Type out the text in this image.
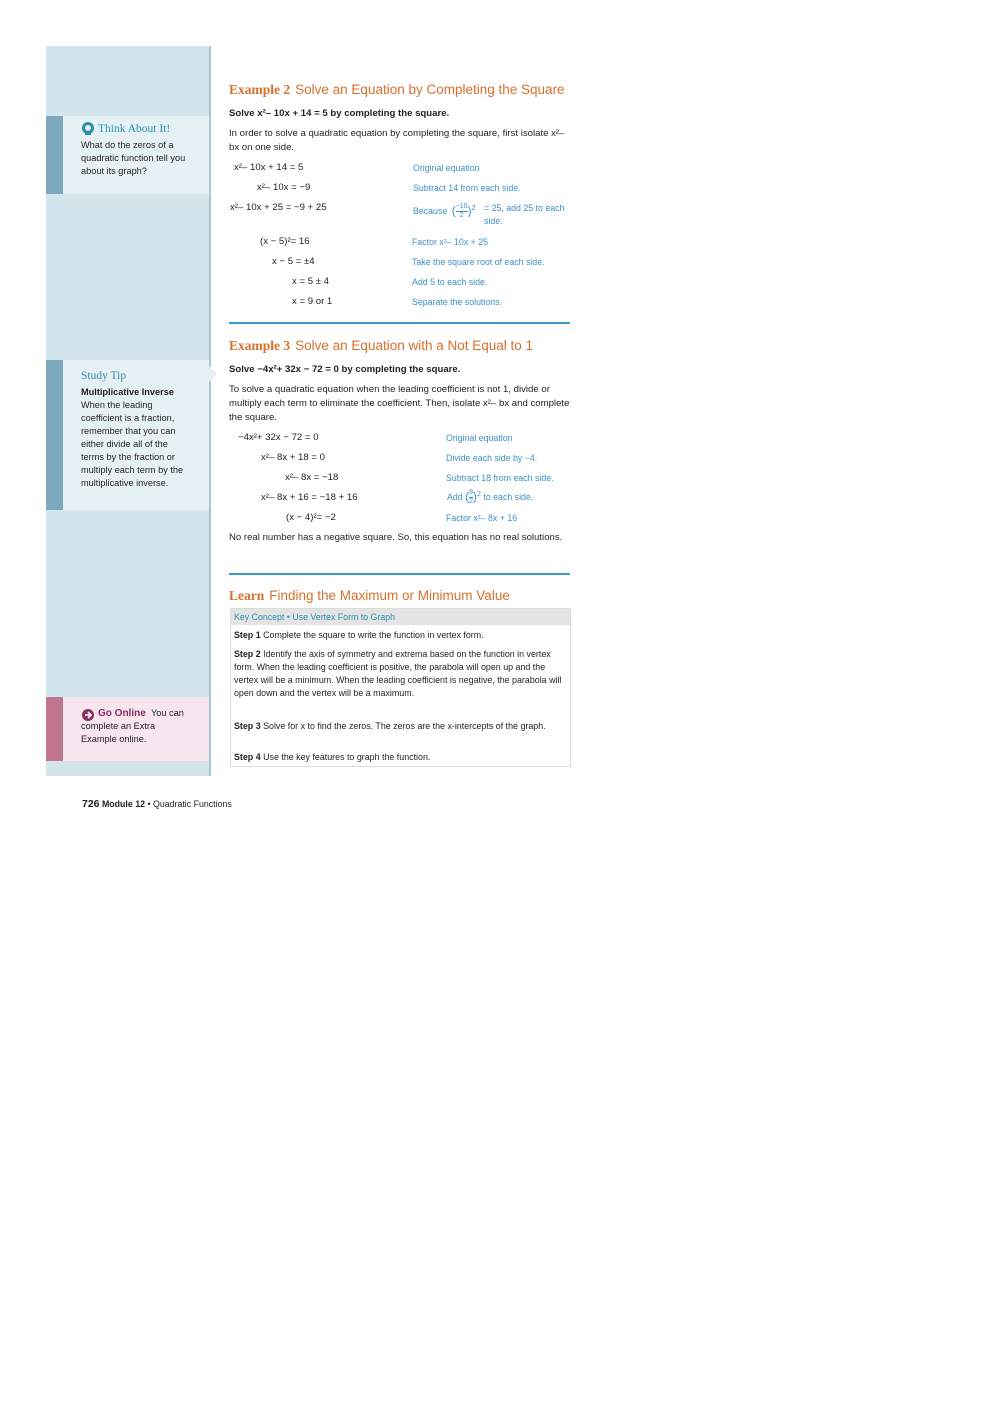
Think About It!
What do the zeros of a quadratic function tell you about its graph?
Study Tip
Multiplicative Inverse
When the leading coefficient is a fraction, remember that you can either divide all of the terms by the fraction or multiply each term by the multiplicative inverse.
Go Online You can complete an Extra Example online.
Example 2 Solve an Equation by Completing the Square
Solve x²– 10x + 14 = 5 by completing the square.
In order to solve a quadratic equation by completing the square, first isolate x²– bx on one side.
x²– 10x + 14 = 5	Original equation
x²– 10x = −9	Subtract 14 from each side.
x²– 10x + 25 = −9 + 25	Because ( $\frac{-10}{2} )^2 = 25$, add 25 to each side.
(x − 5)²= 16	Factor x²– 10x + 25
x − 5 = ±4	Take the square root of each side.
x = 5 ± 4	Add 5 to each side.
x = 9 or 1	Separate the solutions.
Example 3 Solve an Equation with a Not Equal to 1
Solve −4x²+ 32x − 72 = 0 by completing the square.
To solve a quadratic equation when the leading coefficient is not 1, divide or multiply each term to eliminate the coefficient. Then, isolate x²– bx and complete the square.
−4x²+ 32x − 72 = 0	Original equation
x²– 8x + 18 = 0	Divide each side by −4.
x²– 8x = −18	Subtract 18 from each side.
x²– 8x + 16 = −18 + 16	Add ( $\frac{8}{2} )^2$ to each side.
(x − 4)²= −2	Factor x²– 8x + 16
No real number has a negative square. So, this equation has no real solutions.
Learn Finding the Maximum or Minimum Value
Key Concept • Use Vertex Form to Graph
Step 1 Complete the square to write the function in vertex form.
Step 2 Identify the axis of symmetry and extrema based on the function in vertex form. When the leading coefficient is positive, the parabola will open up and the vertex will be a minimum. When the leading coefficient is negative, the parabola will open down and the vertex will be a maximum.
Step 3 Solve for x to find the zeros. The zeros are the x-intercepts of the graph.
Step 4 Use the key features to graph the function.
726 Module 12 • Quadratic Functions
